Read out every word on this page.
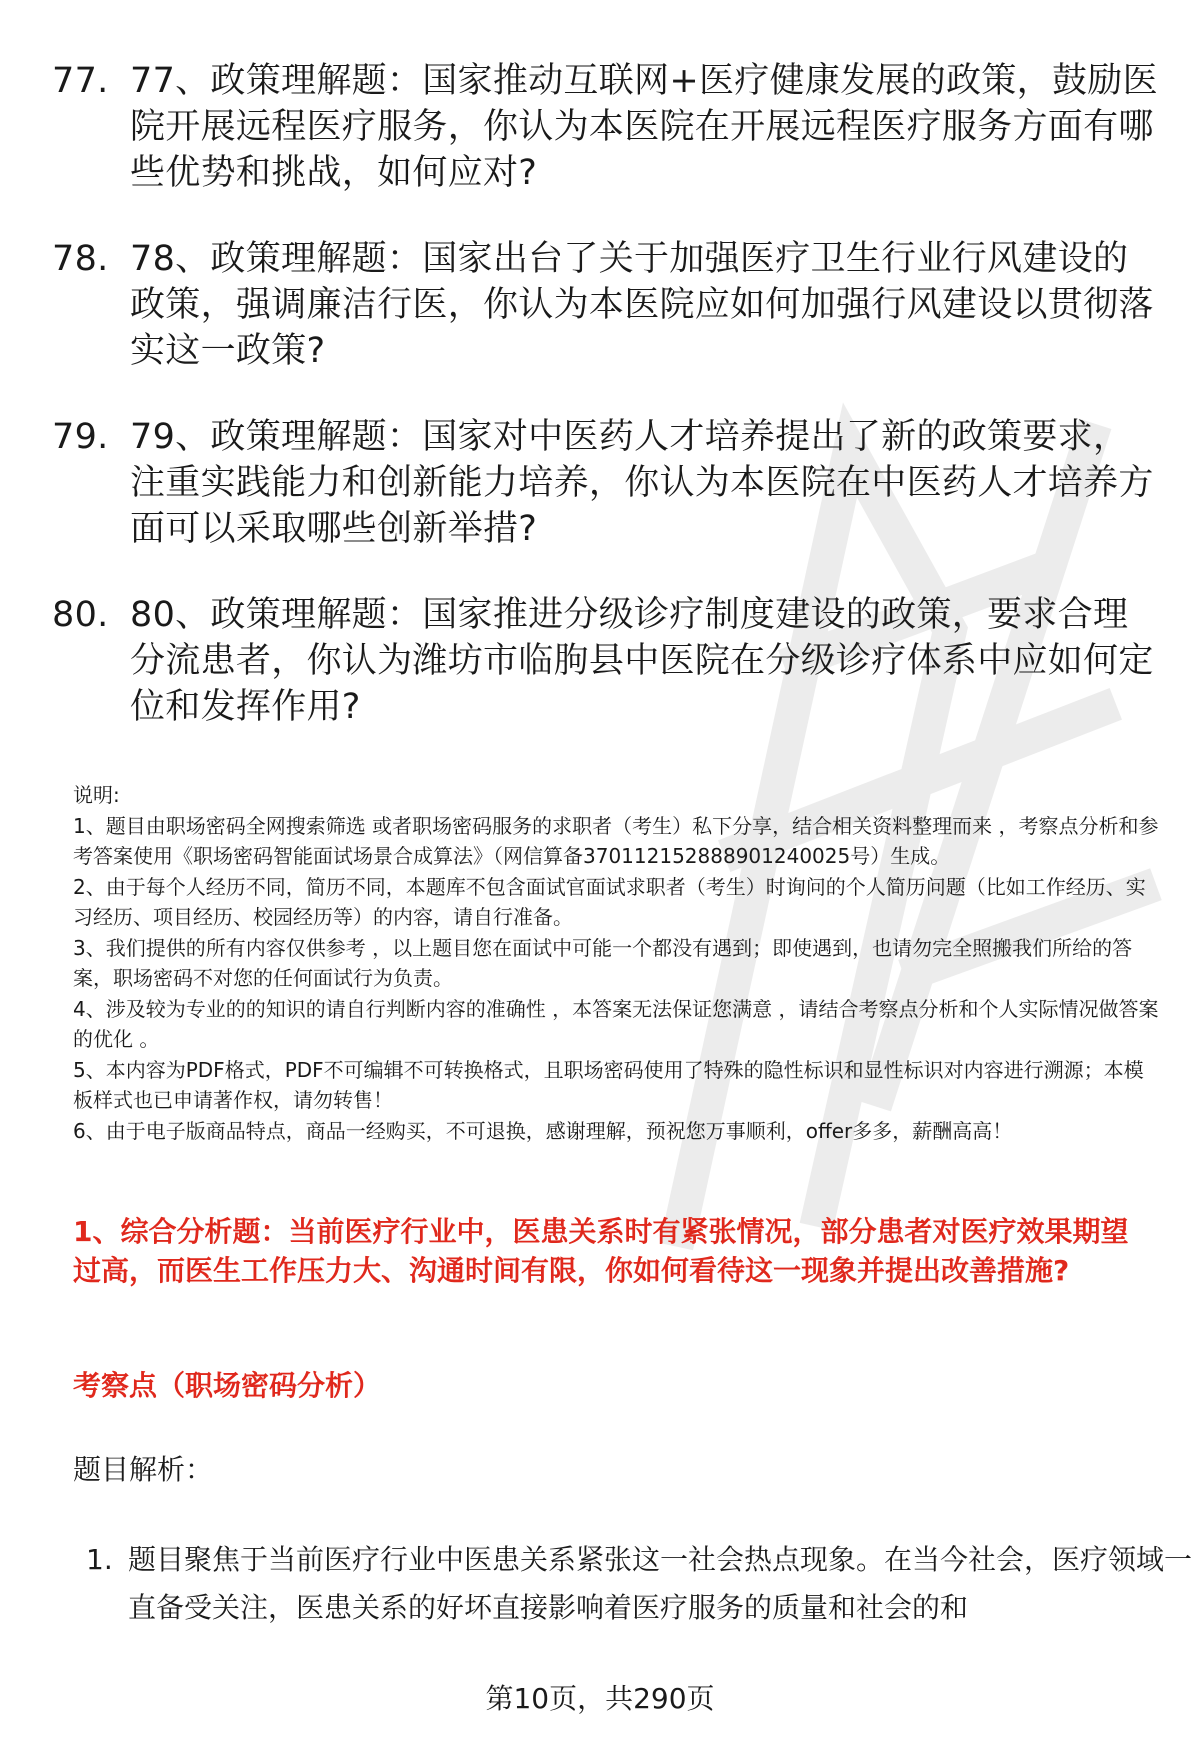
77. 77、政策理解题：国家推动互联网+医疗健康发展的政策，鼓励医院开展远程医疗服务，你认为本医院在开展远程医疗服务方面有哪些优势和挑战，如何应对?
78. 78、政策理解题：国家出台了关于加强医疗卫生行业行风建设的政策，强调廉洁行医，你认为本医院应如何加强行风建设以贯彻落实这一政策?
79. 79、政策理解题：国家对中医药人才培养提出了新的政策要求，注重实践能力和创新能力培养，你认为本医院在中医药人才培养方面可以采取哪些创新举措?
80. 80、政策理解题：国家推进分级诊疗制度建设的政策，要求合理分流患者，你认为潍坊市临朐县中医院在分级诊疗体系中应如何定位和发挥作用?

说明:

1、题目由职场密码全网搜索筛选 或者职场密码服务的求职者（考生）私下分享，结合相关资料整理而来 ，考察点分析和参考答案使用《职场密码智能面试场景合成算法》（网信算备370112152888901240025号）生成。

2、由于每个人经历不同，简历不同，本题库不包含面试官面试求职者（考生）时询问的个人简历问题（比如工作经历、实习经历、项目经历、校园经历等）的内容，请自行准备。

3、我们提供的所有内容仅供参考 ，以上题目您在面试中可能一个都没有遇到；即使遇到，也请勿完全照搬我们所给的答案，职场密码不对您的任何面试行为负责。

4、涉及较为专业的的知识的请自行判断内容的准确性 ，本答案无法保证您满意 ，请结合考察点分析和个人实际情况做答案的优化 。

5、本内容为PDF格式，PDF不可编辑不可转换格式，且职场密码使用了特殊的隐性标识和显性标识对内容进行溯源；本模板样式也已申请著作权，请勿转售！

6、由于电子版商品特点，商品一经购买，不可退换，感谢理解，预祝您万事顺利，offer多多，薪酬高高！

1、综合分析题：当前医疗行业中，医患关系时有紧张情况，部分患者对医疗效果期望过高，而医生工作压力大、沟通时间有限，你如何看待这一现象并提出改善措施?
考察点（职场密码分析）
题目解析：
1. 题目聚焦于当前医疗行业中医患关系紧张这一社会热点现象。在当今社会，医疗领域一直备受关注，医患关系的好坏直接影响着医疗服务的质量和社会的和
第10页，共290页
